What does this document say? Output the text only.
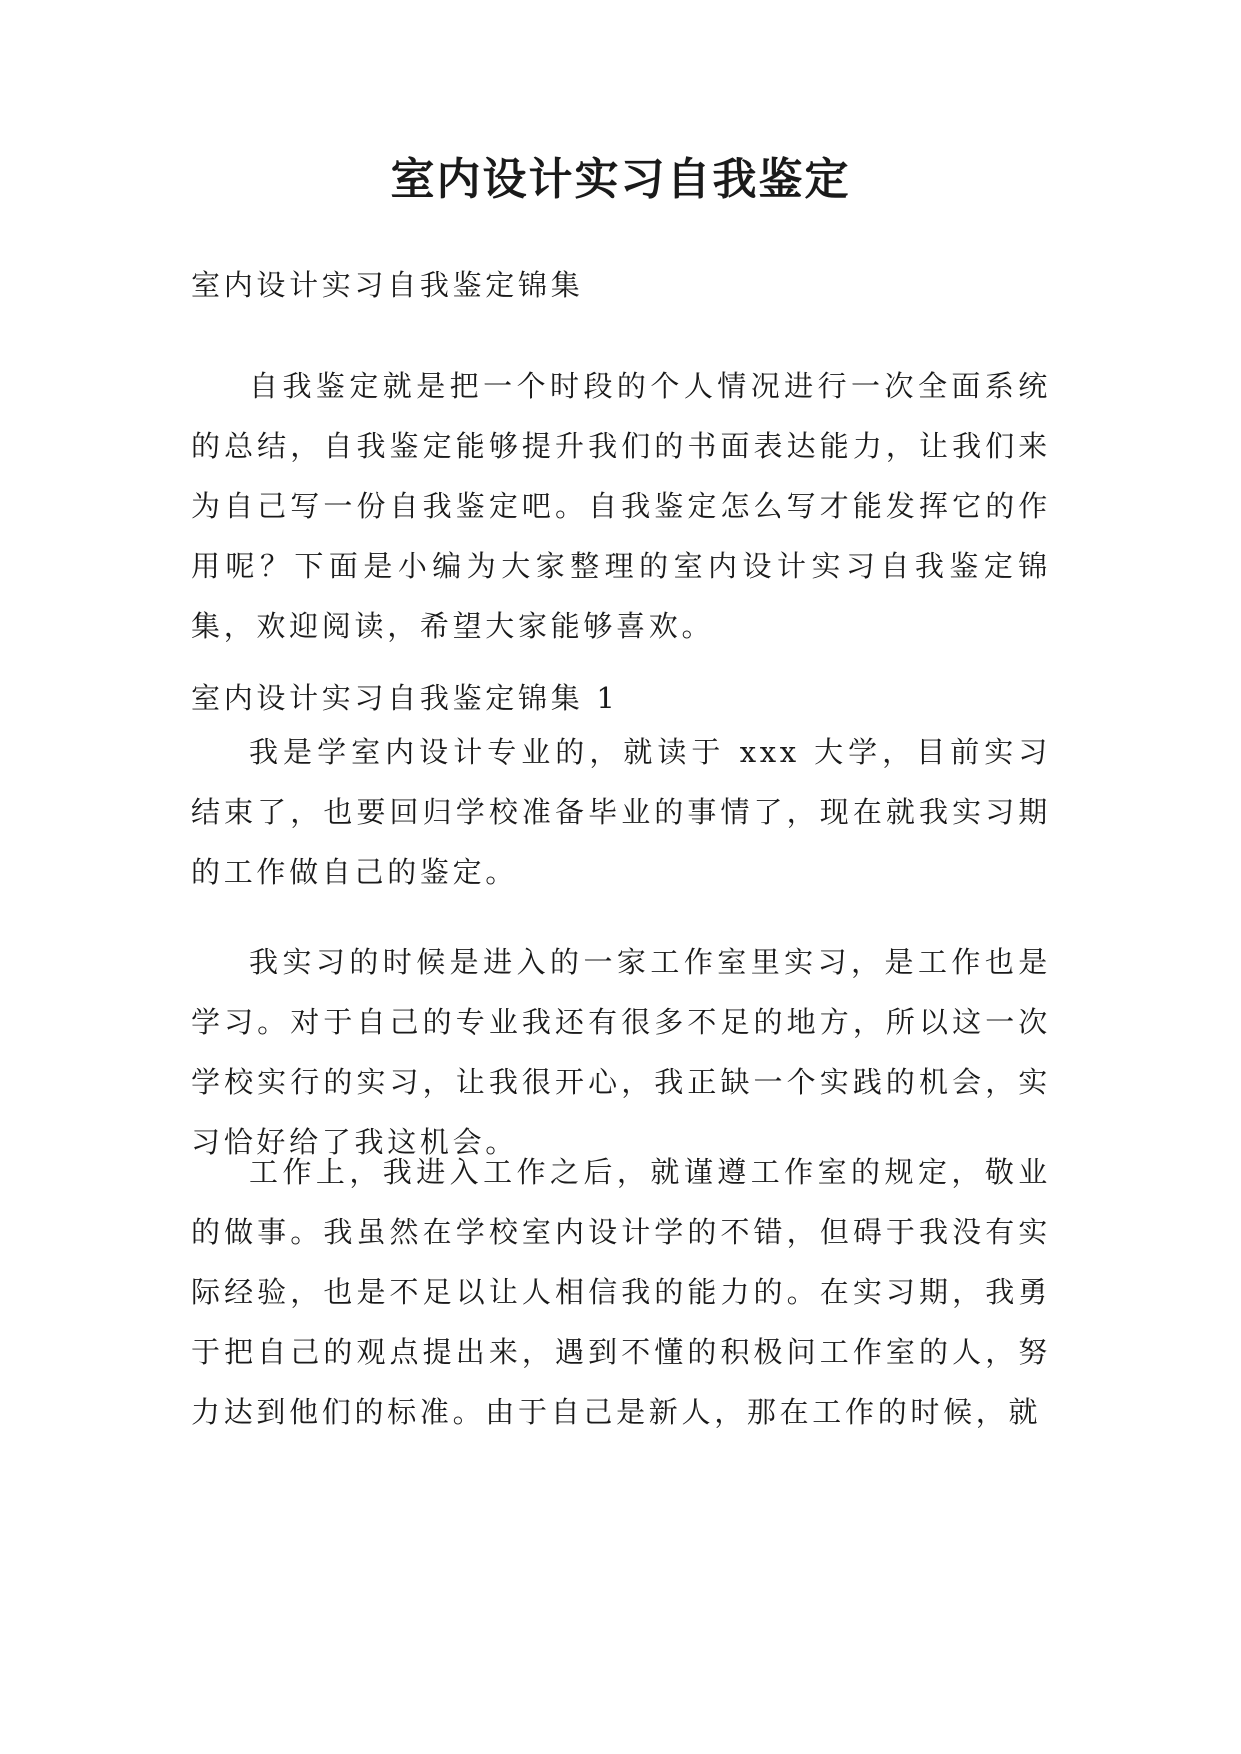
室内设计实习自我鉴定

室内设计实习自我鉴定锦集

自我鉴定就是把一个时段的个人情况进行一次全面系统的总结，自我鉴定能够提升我们的书面表达能力，让我们来为自己写一份自我鉴定吧。自我鉴定怎么写才能发挥它的作用呢？下面是小编为大家整理的室内设计实习自我鉴定锦集，欢迎阅读，希望大家能够喜欢。

室内设计实习自我鉴定锦集 1

我是学室内设计专业的，就读于 xxx 大学，目前实习结束了，也要回归学校准备毕业的事情了，现在就我实习期的工作做自己的鉴定。

我实习的时候是进入的一家工作室里实习，是工作也是学习。对于自己的专业我还有很多不足的地方，所以这一次学校实行的实习，让我很开心，我正缺一个实践的机会，实习恰好给了我这机会。

工作上，我进入工作之后，就谨遵工作室的规定，敬业的做事。我虽然在学校室内设计学的不错，但碍于我没有实际经验，也是不足以让人相信我的能力的。在实习期，我勇于把自己的观点提出来，遇到不懂的积极问工作室的人，努力达到他们的标准。由于自己是新人，那在工作的时候，就
